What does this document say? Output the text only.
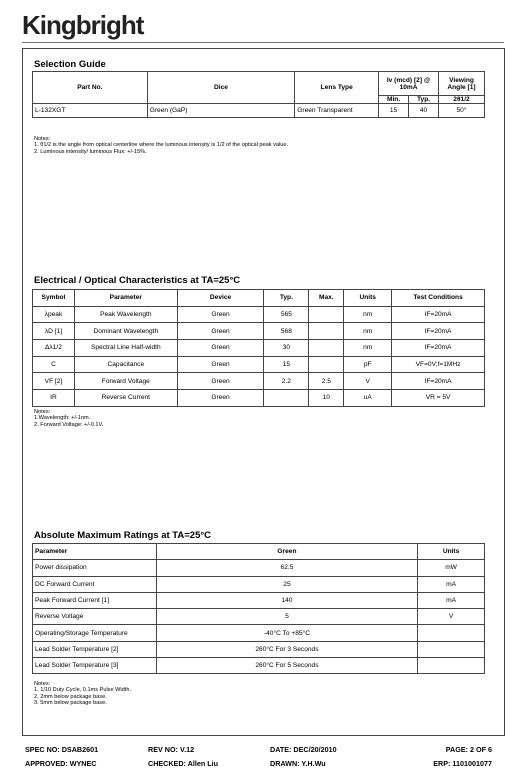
Kingbright
Selection Guide
Part No.	Dice	Lens Type	Iv (mcd) [2] @ 10mA		Viewing Angle [1]
			Min.	Typ.	2θ1/2
L-132XGT	Green (GaP)	Green Transparent	15	40	50°
Notes:
1. θ1/2 is the angle from optical centerline where the luminous intensity is 1/2 of the optical peak value.
2. Luminous intensity/ luminous Flux: +/-15%.
Electrical / Optical Characteristics at TA=25°C
Symbol	Parameter	Device	Typ.	Max.	Units	Test Conditions
λpeak	Peak Wavelength	Green	565		nm	IF=20mA
λD [1]	Dominant Wavelength	Green	568		nm	IF=20mA
Δλ1/2	Spectral Line Half-width	Green	30		nm	IF=20mA
C	Capacitance	Green	15		pF	VF=0V;f=1MHz
VF [2]	Forward Voltage	Green	2.2	2.5	V	IF=20mA
IR	Reverse Current	Green		10	uA	VR = 5V
Notes:
1.Wavelength: +/-1nm.
2. Forward Voltage: +/-0.1V.
Absolute Maximum Ratings at TA=25°C
Parameter	Green	Units
Power dissipation	62.5	mW
DC Forward Current	25	mA
Peak Forward Current [1]	140	mA
Reverse Voltage	5	V
Operating/Storage Temperature	-40°C To +85°C	
Lead Solder Temperature [2]	260°C For 3 Seconds	
Lead Solder Temperature [3]	260°C For 5 Seconds	
Notes:
1. 1/10 Duty Cycle, 0.1ms Pulse Width.
2. 2mm below package base.
3. 5mm below package base.
SPEC NO: DSAB2601	REV NO: V.12	DATE: DEC/20/2010	PAGE: 2 OF 6
APPROVED: WYNEC	CHECKED: Allen Liu	DRAWN: Y.H.Wu	ERP: 1101001077
